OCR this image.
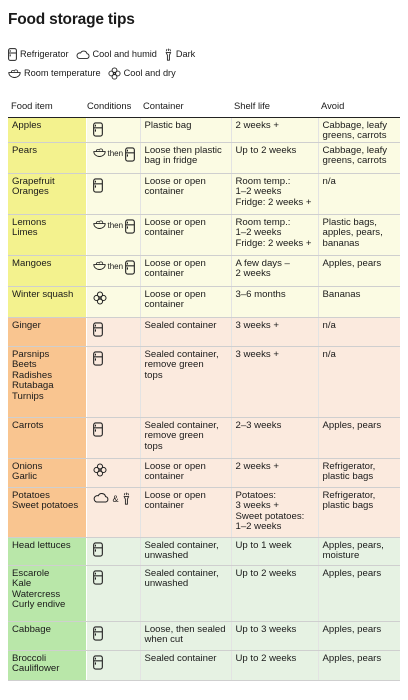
Food storage tips
Refrigerator	Cool and humid Dark
Room temperature	Cool and dry
Food item	Conditions	Container	Shelf life	Avoid

Apples		Plastic bag	2 weeks +	Cabbage, leafy
greens, carrots

Pears	then	Loose then plastic
bag in fridge	Up to 2 weeks	Cabbage, leafy
greens, carrots

Grapefruit
Oranges		Loose or open
container	Room temp.:
1–2 weeks
Fridge: 2 weeks +	n/a

Lemons
Limes	then	Loose or open
container	Room temp.:
1–2 weeks
Fridge: 2 weeks +	Plastic bags,
apples, pears,
bananas

Mangoes	then	Loose or open
container	A few days –
2 weeks	Apples, pears

Winter squash		Loose or open
container	3–6 months	Bananas

Ginger		Sealed container	3 weeks +	n/a

Parsnips
Beets
Radishes
Rutabaga
Turnips		Sealed container,
remove green
tops	3 weeks +	n/a

Carrots		Sealed container,
remove green
tops	2–3 weeks	Apples, pears

Onions
Garlic		Loose or open
container	2 weeks +	Refrigerator,
plastic bags

Potatoes
Sweet potatoes	&	Loose or open
container	Potatoes:
3 weeks +
Sweet potatoes:
1–2 weeks	Refrigerator,
plastic bags

Head lettuces		Sealed container,
unwashed	Up to 1 week	Apples, pears,
moisture

Escarole
Kale
Watercress
Curly endive		Sealed container,
unwashed	Up to 2 weeks	Apples, pears

Cabbage		Loose, then sealed
when cut	Up to 3 weeks	Apples, pears

Broccoli
Cauliflower		Sealed container	Up to 2 weeks	Apples, pears
